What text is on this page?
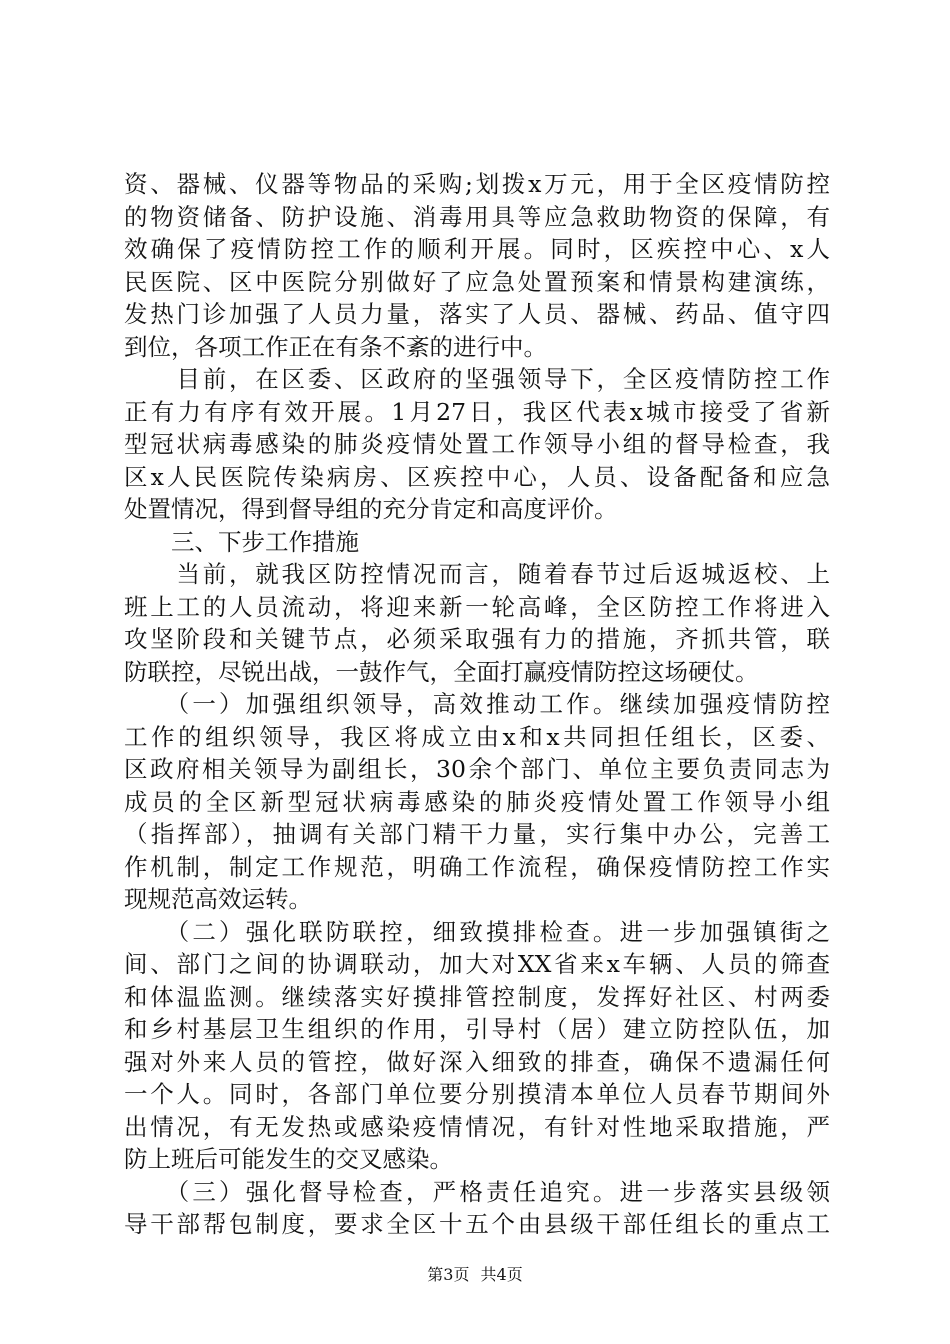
资、器械、仪器等物品的采购;划拨x万元，用于全区疫情防控
的物资储备、防护设施、消毒用具等应急救助物资的保障，有
效确保了疫情防控工作的顺利开展。同时，区疾控中心、x人
民医院、区中医院分别做好了应急处置预案和情景构建演练，
发热门诊加强了人员力量，落实了人员、器械、药品、值守四
到位，各项工作正在有条不紊的进行中。
　　目前，在区委、区政府的坚强领导下，全区疫情防控工作
正有力有序有效开展。1月27日，我区代表x城市接受了省新
型冠状病毒感染的肺炎疫情处置工作领导小组的督导检查，我
区x人民医院传染病房、区疾控中心，人员、设备配备和应急
处置情况，得到督导组的充分肯定和高度评价。
　　三、下步工作措施
　　当前，就我区防控情况而言，随着春节过后返城返校、上
班上工的人员流动，将迎来新一轮高峰，全区防控工作将进入
攻坚阶段和关键节点，必须采取强有力的措施，齐抓共管，联
防联控，尽锐出战，一鼓作气，全面打赢疫情防控这场硬仗。
　　（一）加强组织领导，高效推动工作。继续加强疫情防控
工作的组织领导，我区将成立由x和x共同担任组长，区委、
区政府相关领导为副组长，30余个部门、单位主要负责同志为
成员的全区新型冠状病毒感染的肺炎疫情处置工作领导小组
（指挥部），抽调有关部门精干力量，实行集中办公，完善工
作机制，制定工作规范，明确工作流程，确保疫情防控工作实
现规范高效运转。
　　（二）强化联防联控，细致摸排检查。进一步加强镇街之
间、部门之间的协调联动，加大对XX省来x车辆、人员的筛查
和体温监测。继续落实好摸排管控制度，发挥好社区、村两委
和乡村基层卫生组织的作用，引导村（居）建立防控队伍，加
强对外来人员的管控，做好深入细致的排查，确保不遗漏任何
一个人。同时，各部门单位要分别摸清本单位人员春节期间外
出情况，有无发热或感染疫情情况，有针对性地采取措施，严
防上班后可能发生的交叉感染。
　　（三）强化督导检查，严格责任追究。进一步落实县级领
导干部帮包制度，要求全区十五个由县级干部任组长的重点工
第3页 共4页
